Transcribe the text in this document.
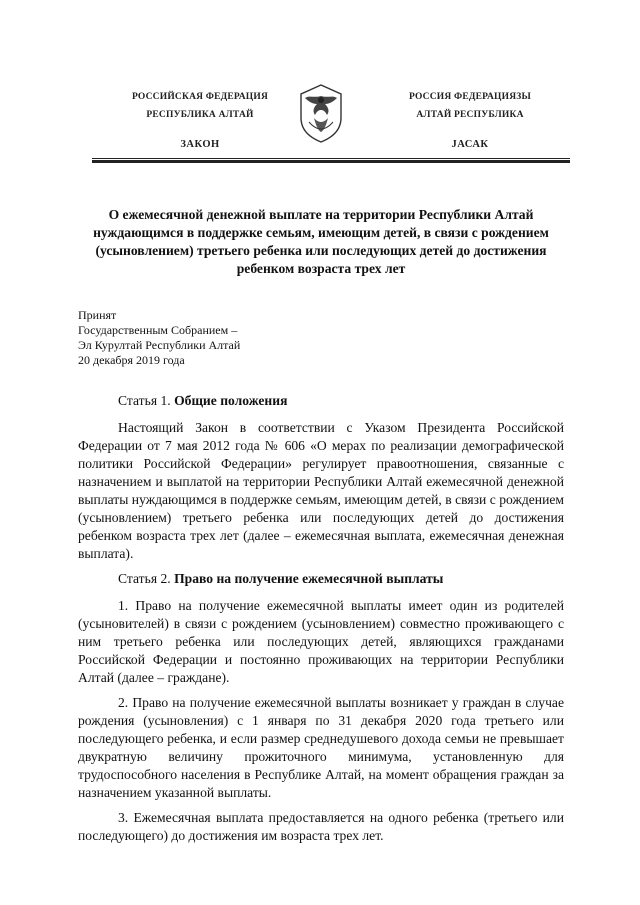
РОССИЙСКАЯ ФЕДЕРАЦИЯ
РЕСПУБЛИКА АЛТАЙ
ЗАКОН
РОССИЯ ФЕДЕРАЦИЯЗЫ
АЛТАЙ РЕСПУБЛИКА
JАСАК
О ежемесячной денежной выплате на территории Республики Алтай нуждающимся в поддержке семьям, имеющим детей, в связи с рождением (усыновлением) третьего ребенка или последующих детей до достижения ребенком возраста трех лет
Принят
Государственным Собранием –
Эл Курултай Республики Алтай
20 декабря 2019 года

Статья 1. Общие положения

Настоящий Закон в соответствии с Указом Президента Российской Федерации от 7 мая 2012 года № 606 «О мерах по реализации демографической политики Российской Федерации» регулирует правоотношения, связанные с назначением и выплатой на территории Республики Алтай ежемесячной денежной выплаты нуждающимся в поддержке семьям, имеющим детей, в связи с рождением (усыновлением) третьего ребенка или последующих детей до достижения ребенком возраста трех лет (далее – ежемесячная выплата, ежемесячная денежная выплата).

Статья 2. Право на получение ежемесячной выплаты

1. Право на получение ежемесячной выплаты имеет один из родителей (усыновителей) в связи с рождением (усыновлением) совместно проживающего с ним третьего ребенка или последующих детей, являющихся гражданами Российской Федерации и постоянно проживающих на территории Республики Алтай (далее – граждане).

2. Право на получение ежемесячной выплаты возникает у граждан в случае рождения (усыновления) с 1 января по 31 декабря 2020 года третьего или последующего ребенка, и если размер среднедушевого дохода семьи не превышает двукратную величину прожиточного минимума, установленную для трудоспособного населения в Республике Алтай, на момент обращения граждан за назначением указанной выплаты.

3. Ежемесячная выплата предоставляется на одного ребенка (третьего или последующего) до достижения им возраста трех лет.
